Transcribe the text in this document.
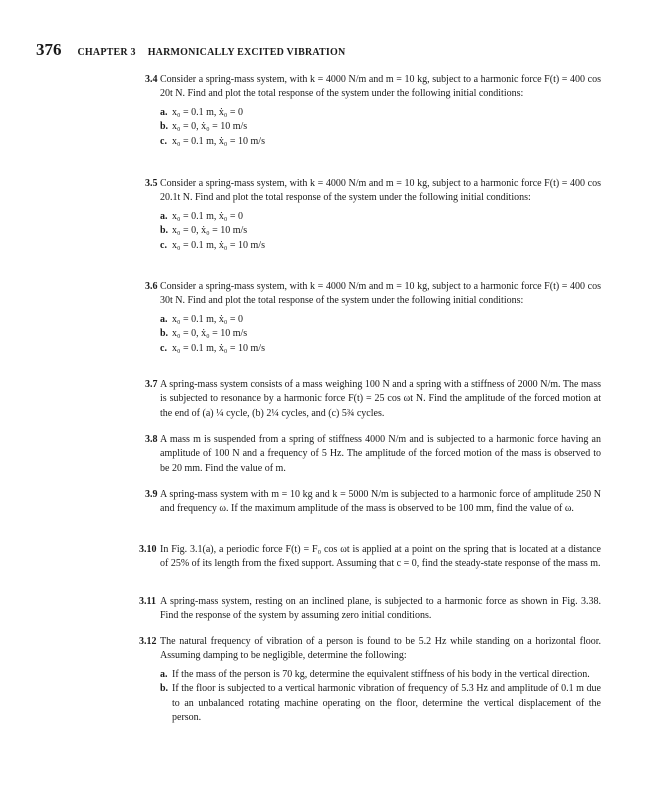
376 CHAPTER 3 HARMONICALLY EXCITED VIBRATION
3.4 Consider a spring-mass system, with k = 4000 N/m and m = 10 kg, subject to a harmonic force F(t) = 400 cos 20t N. Find and plot the total response of the system under the following initial conditions:
a. x₀ = 0.1 m, ẋ₀ = 0
b. x₀ = 0, ẋ₀ = 10 m/s
c. x₀ = 0.1 m, ẋ₀ = 10 m/s
3.5 Consider a spring-mass system, with k = 4000 N/m and m = 10 kg, subject to a harmonic force F(t) = 400 cos 20.1t N. Find and plot the total response of the system under the following initial conditions:
a. x₀ = 0.1 m, ẋ₀ = 0
b. x₀ = 0, ẋ₀ = 10 m/s
c. x₀ = 0.1 m, ẋ₀ = 10 m/s
3.6 Consider a spring-mass system, with k = 4000 N/m and m = 10 kg, subject to a harmonic force F(t) = 400 cos 30t N. Find and plot the total response of the system under the following initial conditions:
a. x₀ = 0.1 m, ẋ₀ = 0
b. x₀ = 0, ẋ₀ = 10 m/s
c. x₀ = 0.1 m, ẋ₀ = 10 m/s
3.7 A spring-mass system consists of a mass weighing 100 N and a spring with a stiffness of 2000 N/m. The mass is subjected to resonance by a harmonic force F(t) = 25 cos ωt N. Find the amplitude of the forced motion at the end of (a) ¼ cycle, (b) 2¼ cycles, and (c) 5¾ cycles.
3.8 A mass m is suspended from a spring of stiffness 4000 N/m and is subjected to a harmonic force having an amplitude of 100 N and a frequency of 5 Hz. The amplitude of the forced motion of the mass is observed to be 20 mm. Find the value of m.
3.9 A spring-mass system with m = 10 kg and k = 5000 N/m is subjected to a harmonic force of amplitude 250 N and frequency ω. If the maximum amplitude of the mass is observed to be 100 mm, find the value of ω.
3.10 In Fig. 3.1(a), a periodic force F(t) = F₀ cos ωt is applied at a point on the spring that is located at a distance of 25% of its length from the fixed support. Assuming that c = 0, find the steady-state response of the mass m.
3.11 A spring-mass system, resting on an inclined plane, is subjected to a harmonic force as shown in Fig. 3.38. Find the response of the system by assuming zero initial conditions.
3.12 The natural frequency of vibration of a person is found to be 5.2 Hz while standing on a horizontal floor. Assuming damping to be negligible, determine the following:
a. If the mass of the person is 70 kg, determine the equivalent stiffness of his body in the vertical direction.
b. If the floor is subjected to a vertical harmonic vibration of frequency of 5.3 Hz and amplitude of 0.1 m due to an unbalanced rotating machine operating on the floor, determine the vertical displacement of the person.
